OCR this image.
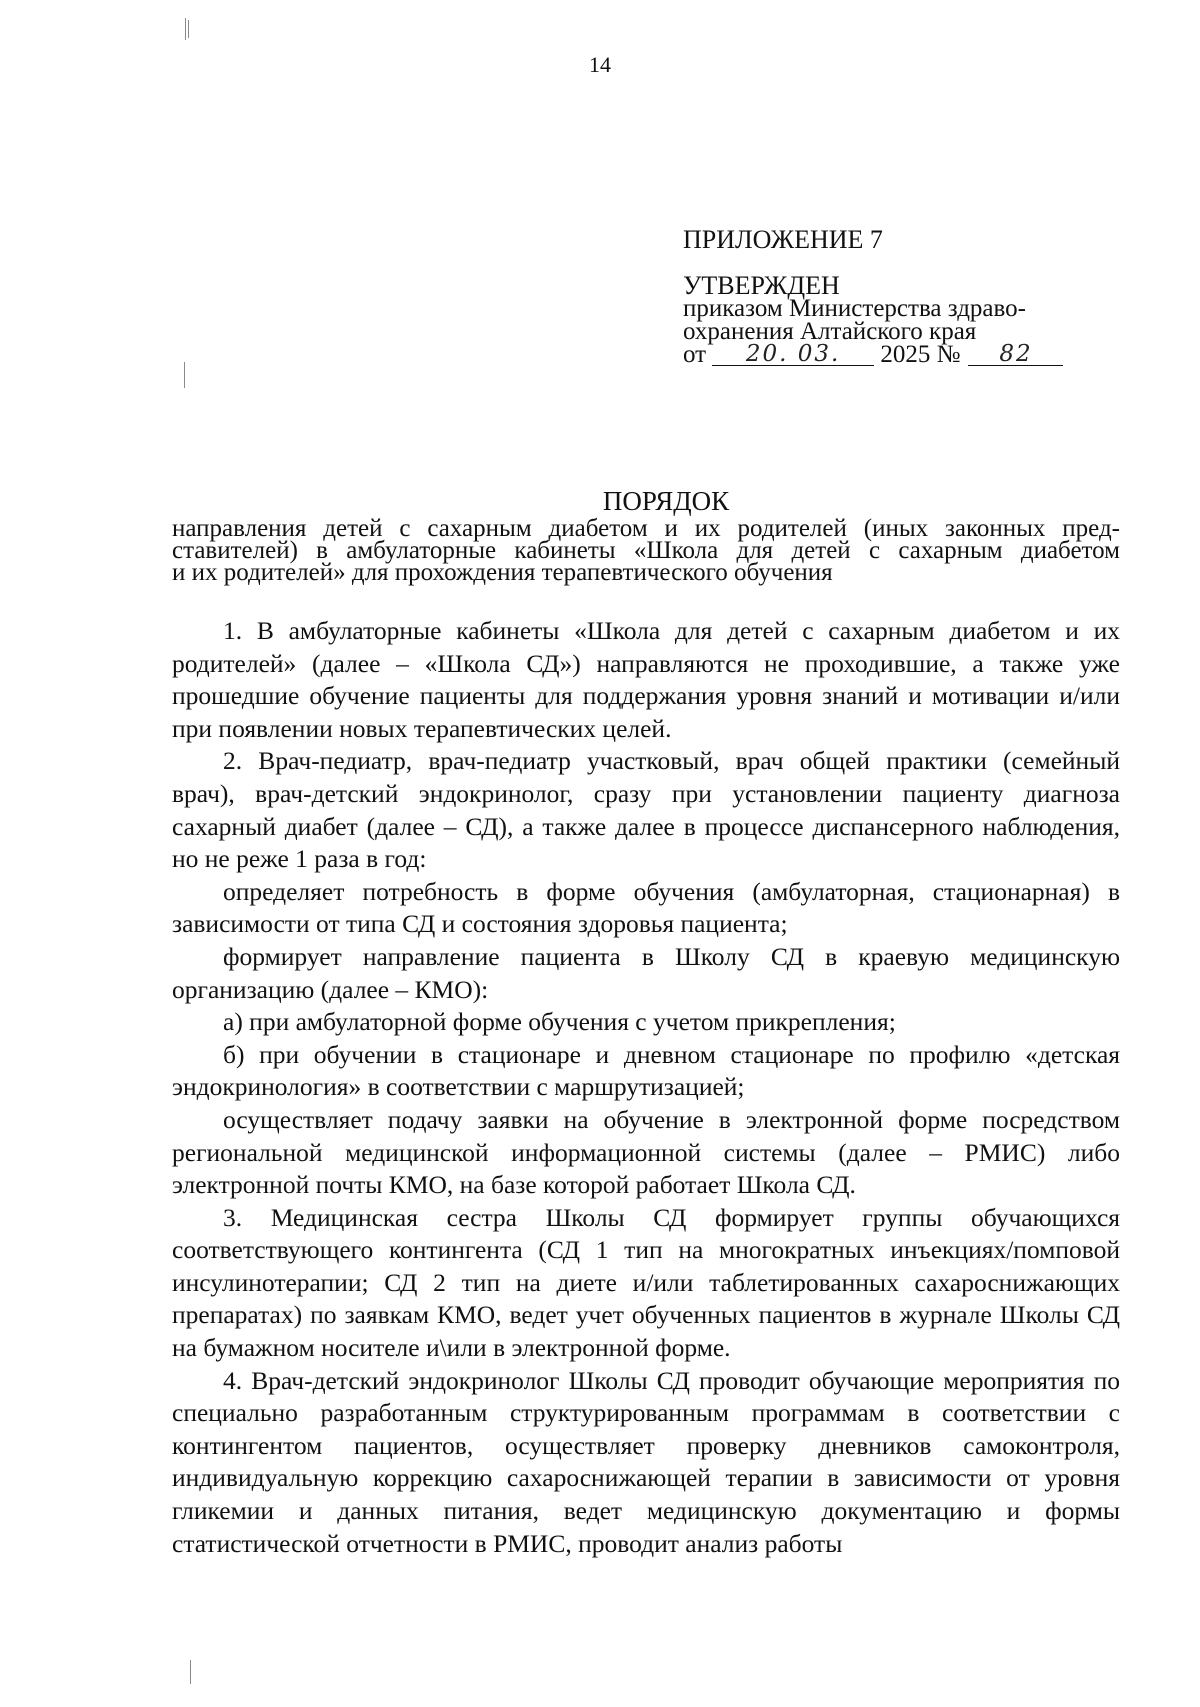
14
ПРИЛОЖЕНИЕ 7
УТВЕРЖДЕН
приказом Министерства здраво-
охранения Алтайского края
от 20. 03. 2025 № 82
ПОРЯДОК
направления детей с сахарным диабетом и их родителей (иных законных пред-
ставителей) в амбулаторные кабинеты «Школа для детей с сахарным диабетом
и их родителей» для прохождения терапевтического обучения

1. В амбулаторные кабинеты «Школа для детей с сахарным диабетом и их родителей» (далее – «Школа СД») направляются не проходившие, а также уже прошедшие обучение пациенты для поддержания уровня знаний и мотивации и/или при появлении новых терапевтических целей.

2. Врач-педиатр, врач-педиатр участковый, врач общей практики (семейный врач), врач-детский эндокринолог, сразу при установлении пациенту диагноза сахарный диабет (далее – СД), а также далее в процессе диспансерного наблюдения, но не реже 1 раза в год:

определяет потребность в форме обучения (амбулаторная, стационарная) в зависимости от типа СД и состояния здоровья пациента;

формирует направление пациента в Школу СД в краевую медицинскую организацию (далее – КМО):

а) при амбулаторной форме обучения с учетом прикрепления;

б) при обучении в стационаре и дневном стационаре по профилю «детская эндокринология» в соответствии с маршрутизацией;

осуществляет подачу заявки на обучение в электронной форме посредством региональной медицинской информационной системы (далее – РМИС) либо электронной почты КМО, на базе которой работает Школа СД.

3. Медицинская сестра Школы СД формирует группы обучающихся соответствующего контингента (СД 1 тип на многократных инъекциях/помповой инсулинотерапии; СД 2 тип на диете и/или таблетированных сахароснижающих препаратах) по заявкам КМО, ведет учет обученных пациентов в журнале Школы СД на бумажном носителе и\или в электронной форме.

4. Врач-детский эндокринолог Школы СД проводит обучающие мероприятия по специально разработанным структурированным программам в соответствии с контингентом пациентов, осуществляет проверку дневников самоконтроля, индивидуальную коррекцию сахароснижающей терапии в зависимости от уровня гликемии и данных питания, ведет медицинскую документацию и формы статистической отчетности в РМИС, проводит анализ работы
